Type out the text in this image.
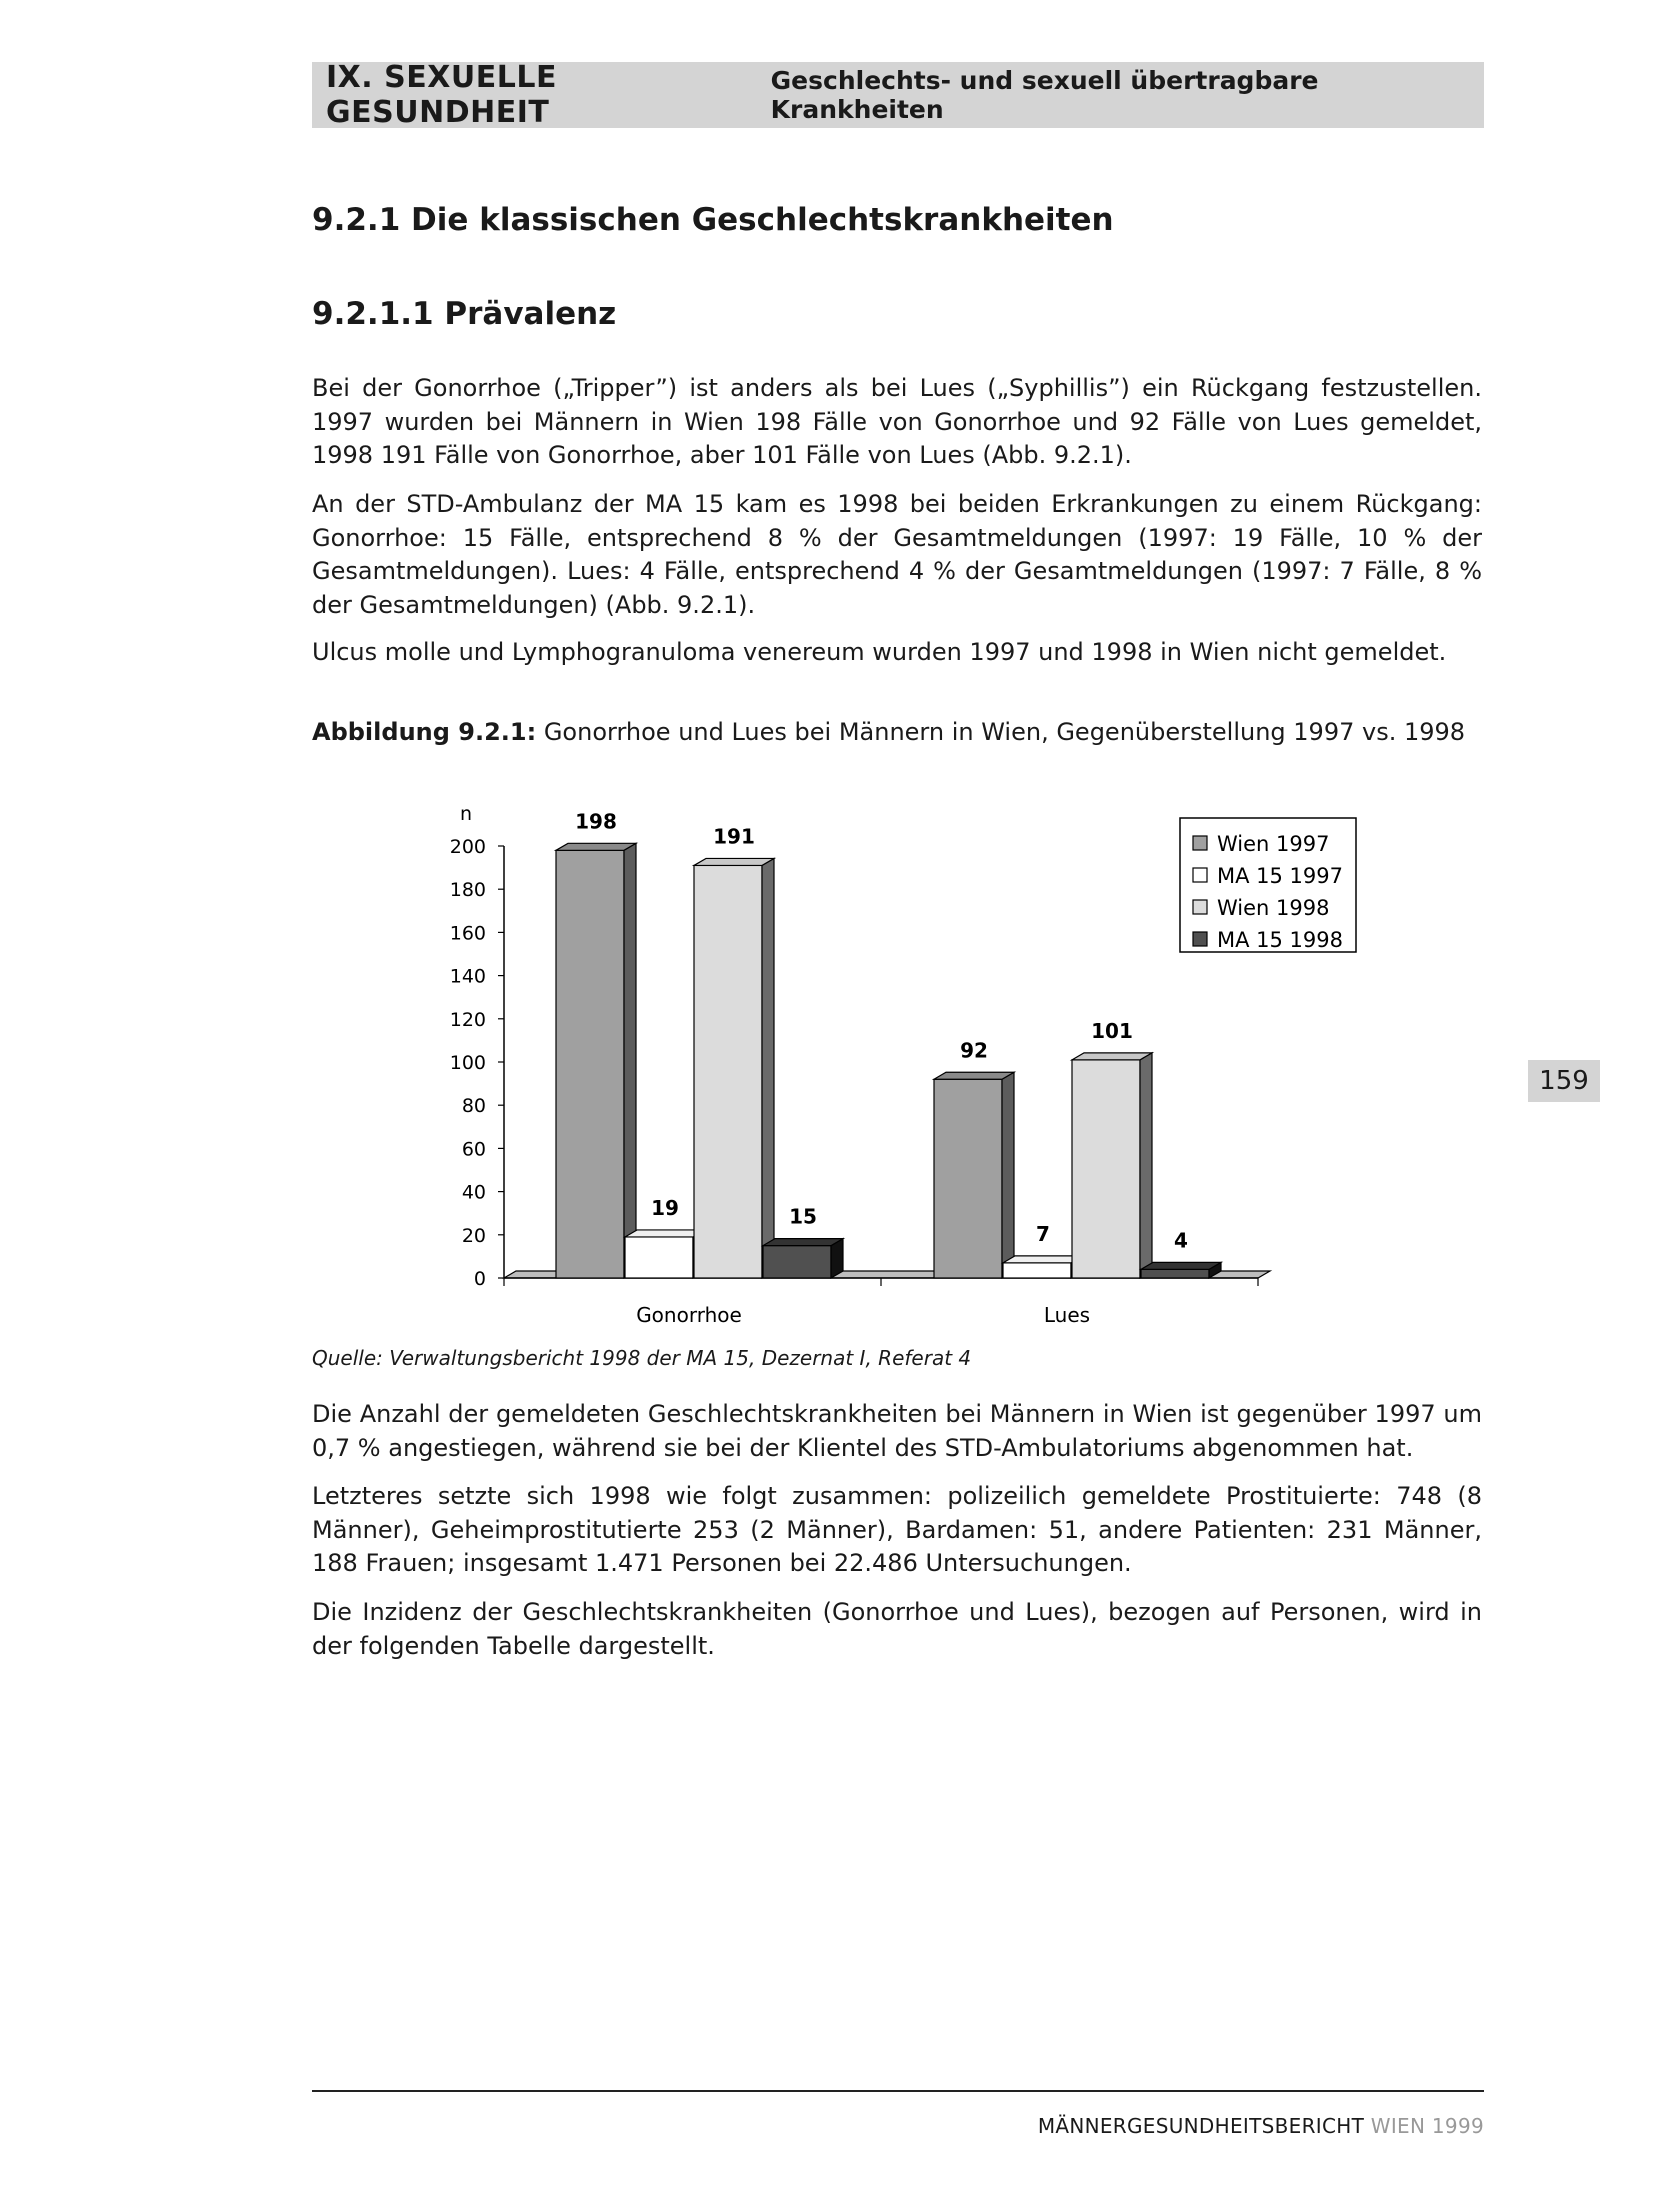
IX. SEXUELLE GESUNDHEIT
Geschlechts- und sexuell übertragbare Krankheiten
9.2.1 Die klassischen Geschlechtskrankheiten
9.2.1.1 Prävalenz

Bei der Gonorrhoe („Tripper”) ist anders als bei Lues („Syphillis”) ein Rückgang festzustellen. 1997 wurden bei Männern in Wien 198 Fälle von Gonorrhoe und 92 Fälle von Lues gemeldet, 1998 191 Fälle von Gonorrhoe, aber 101 Fälle von Lues (Abb. 9.2.1).

An der STD-Ambulanz der MA 15 kam es 1998 bei beiden Erkrankungen zu einem Rückgang: Gonorrhoe: 15 Fälle, entsprechend 8 % der Gesamtmeldungen (1997: 19 Fälle, 10 % der Gesamtmeldungen). Lues: 4 Fälle, entsprechend 4 % der Gesamtmeldungen (1997: 7 Fälle, 8 % der Gesamtmeldungen) (Abb. 9.2.1).

Ulcus molle und Lymphogranuloma venereum wurden 1997 und 1998 in Wien nicht gemeldet.

Abbildung 9.2.1: Gonorrhoe und Lues bei Männern in Wien, Gegenüberstellung 1997 vs. 1998
n
0
20
40
60
80
100
120
140
160
180
200
Gonorrhoe
198
19
191
15
Lues
92
7
101
4
Wien 1997
MA 15 1997
Wien 1998
MA 15 1998
Quelle: Verwaltungsbericht 1998 der MA 15, Dezernat I, Referat 4

Die Anzahl der gemeldeten Geschlechtskrankheiten bei Männern in Wien ist gegenüber 1997 um 0,7 % angestiegen, während sie bei der Klientel des STD-Ambulatoriums abgenommen hat.

Letzteres setzte sich 1998 wie folgt zusammen: polizeilich gemeldete Prostituierte: 748 (8 Männer), Geheimprostitutierte 253 (2 Männer), Bardamen: 51, andere Patienten: 231 Männer, 188 Frauen; insgesamt 1.471 Personen bei 22.486 Untersuchungen.

Die Inzidenz der Geschlechtskrankheiten (Gonorrhoe und Lues), bezogen auf Personen, wird in der folgenden Tabelle dargestellt.

159
MÄNNERGESUNDHEITSBERICHT WIEN 1999
